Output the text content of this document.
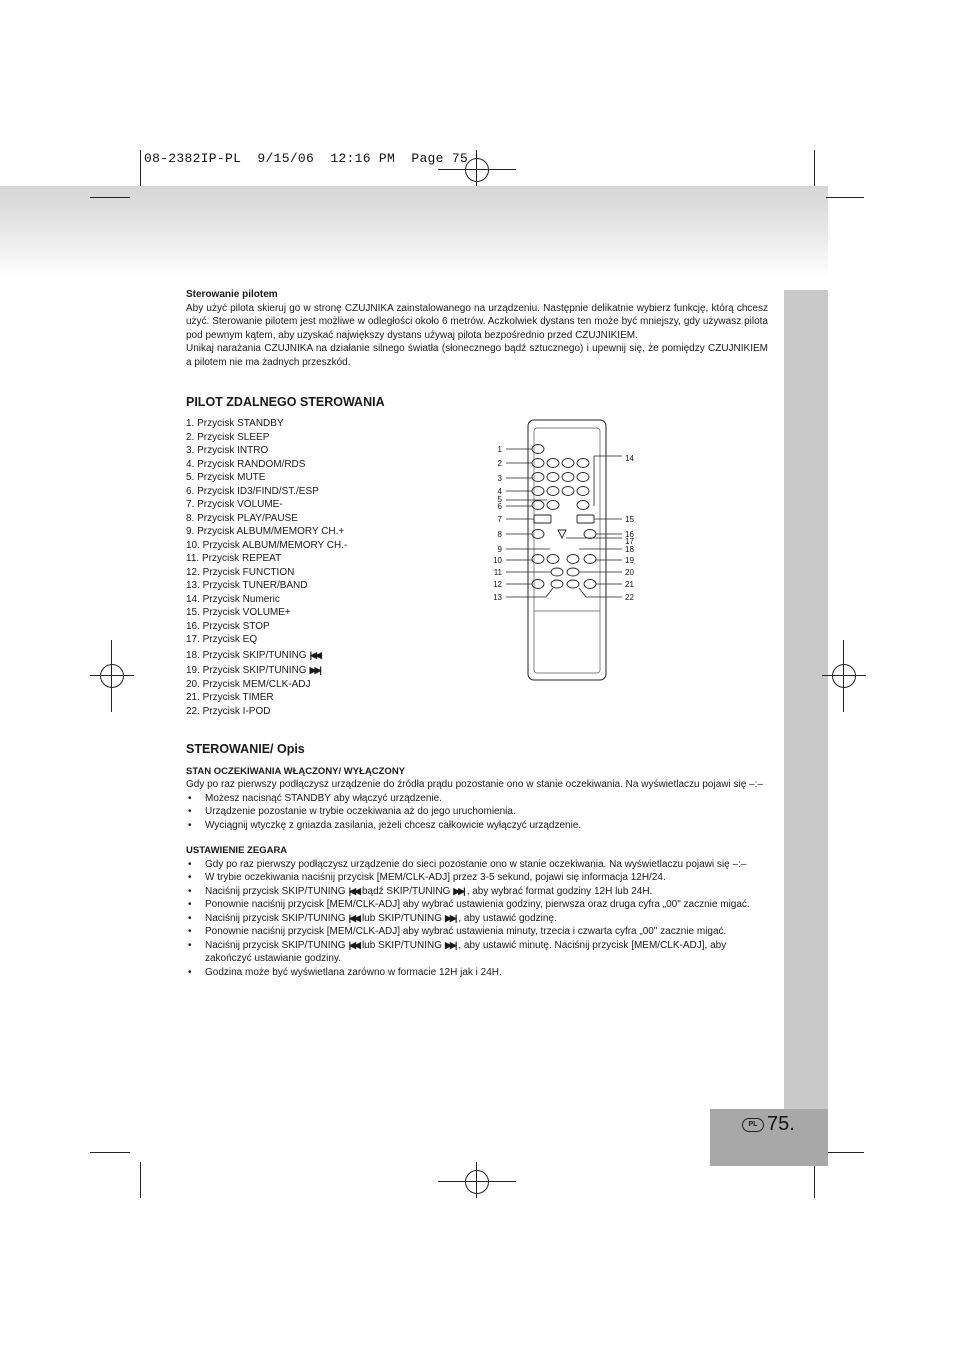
08-2382IP-PL  9/15/06  12:16 PM  Page 75

Sterowanie pilotem

Aby użyć pilota skieruj go w stronę CZUJNIKA zainstalowanego na urządzeniu. Następnie delikatnie wybierz funkcję, którą chcesz użyć. Sterowanie pilotem jest możliwe w odległości około 6 metrów. Aczkolwiek dystans ten może być mniejszy, gdy używasz pilota pod pewnym kątem, aby uzyskać największy dystans używaj pilota bezpośrednio przed CZUJNIKIEM.

Unikaj narażania CZUJNIKA na działanie silnego światła (słonecznego bądź sztucznego) i upewnij się, że pomiędzy CZUJNIKIEM a pilotem nie ma żadnych przeszkód.

PILOT ZDALNEGO STEROWANIA
1. Przycisk STANDBY
2. Przycisk SLEEP
3. Przycisk INTRO
4. Przycisk RANDOM/RDS
5. Przycisk MUTE
6. Przycisk ID3/FIND/ST./ESP
7. Przycisk VOLUME-
8. Przycisk PLAY/PAUSE
9. Przycisk ALBUM/MEMORY CH.+
10. Przycisk ALBUM/MEMORY CH.-
11. Przycisk REPEAT
12. Przycisk FUNCTION
13. Przycisk TUNER/BAND
14. Przycisk Numeric
15. Przycisk VOLUME+
16. Przycisk STOP
17. Przycisk EQ
18. Przycisk SKIP/TUNING |◀◀
19. Przycisk SKIP/TUNING ▶▶|
20. Przycisk MEM/CLK-ADJ
21. Przycisk TIMER
22. Przycisk I-POD
1
2
3
4
5
6
7
8
9
10
11
12
13
14
15
16
17
18
19
20
21
22

STEROWANIE/ Opis

STAN OCZEKIWANIA WŁĄCZONY/ WYŁĄCZONY

Gdy po raz pierwszy podłączysz urządzenie do źródła prądu pozostanie ono w stanie oczekiwania. Na wyświetlaczu pojawi się –:–

• Możesz nacisnąć STANDBY aby włączyć urządzenie.
• Urządzenie pozostanie w trybie oczekiwania aż do jego uruchomienia.
• Wyciągnij wtyczkę z gniazda zasilania, jeżeli chcesz całkowicie wyłączyć urządzenie.

USTAWIENIE ZEGARA

• Gdy po raz pierwszy podłączysz urządzenie do sieci pozostanie ono w stanie oczekiwania. Na wyświetlaczu pojawi się –:–
• W trybie oczekiwania naciśnij przycisk [MEM/CLK-ADJ] przez 3-5 sekund, pojawi się informacja 12H/24.
• Naciśnij przycisk SKIP/TUNING |◀◀ bądź SKIP/TUNING ▶▶| , aby wybrać format godziny 12H lub 24H.
• Ponownie naciśnij przycisk [MEM/CLK-ADJ] aby wybrać ustawienia godziny, pierwsza oraz druga cyfra „00" zacznie migać.
• Naciśnij przycisk SKIP/TUNING |◀◀ lub SKIP/TUNING ▶▶| , aby ustawić godzinę.
• Ponownie naciśnij przycisk [MEM/CLK-ADJ] aby wybrać ustawienia minuty, trzecia i czwarta cyfra „00" zacznie migać.
• Naciśnij przycisk SKIP/TUNING |◀◀ lub SKIP/TUNING ▶▶| , aby ustawić minutę. Naciśnij przycisk [MEM/CLK-ADJ], aby zakończyć ustawianie godziny.
• Godzina może być wyświetlana zarówno w formacie 12H jak i 24H.
PL 75.
